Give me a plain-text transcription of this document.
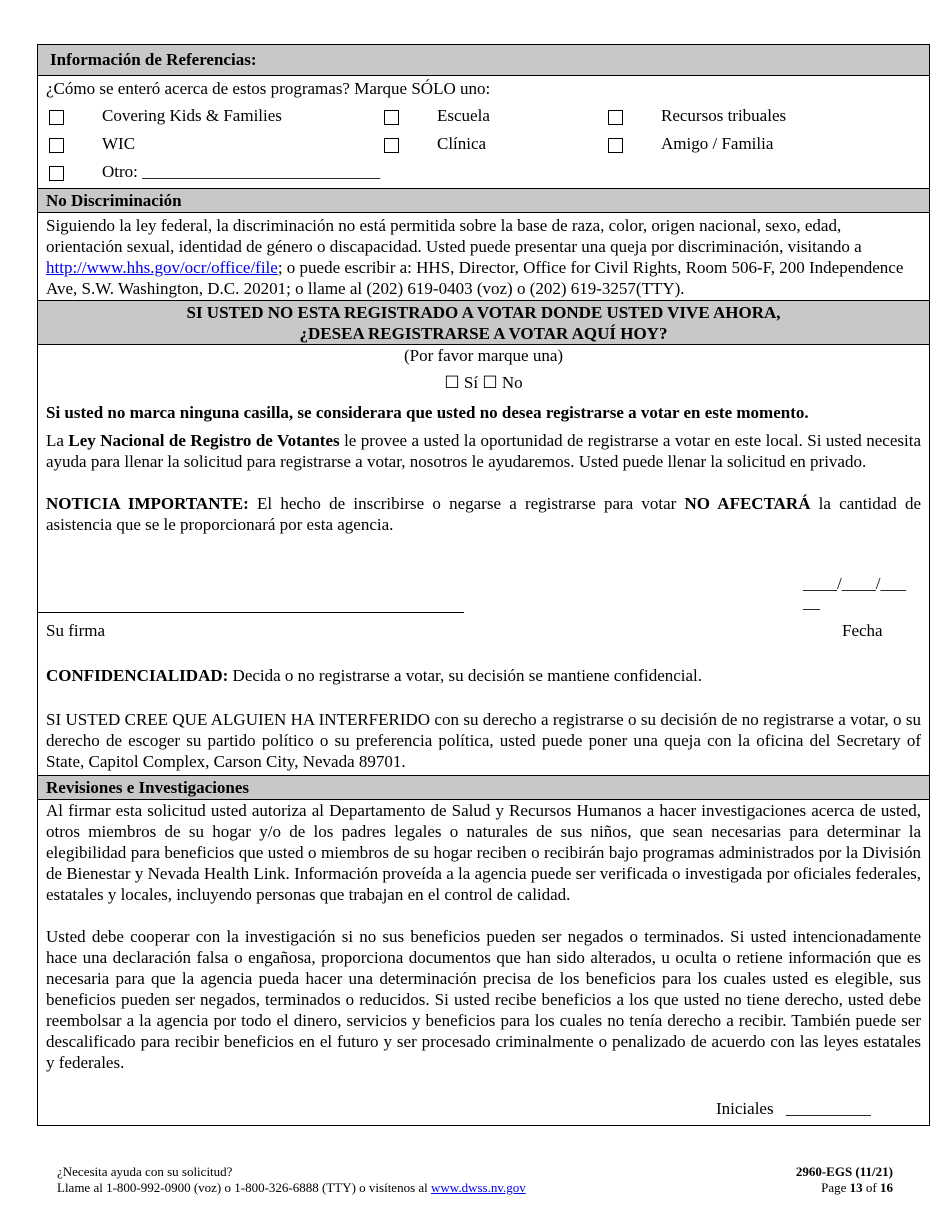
Información de Referencias:
¿Cómo se enteró acerca de estos programas? Marque SÓLO uno:
Covering Kids & Families	Escuela	Recursos tribuales
WIC	Clínica	Amigo / Familia
Otro: ____________________________
No Discriminación
Siguiendo la ley federal, la discriminación no está permitida sobre la base de raza, color, origen nacional, sexo, edad, orientación sexual, identidad de género o discapacidad. Usted puede presentar una queja por discriminación, visitando a http://www.hhs.gov/ocr/office/file; o puede escribir a: HHS, Director, Office for Civil Rights, Room 506-F, 200 Independence Ave, S.W. Washington, D.C. 20201; o llame al (202) 619-0403 (voz) o (202) 619-3257(TTY).
SI USTED NO ESTA REGISTRADO A VOTAR DONDE USTED VIVE AHORA,
¿DESEA REGISTRARSE A VOTAR AQUÍ HOY?
(Por favor marque una)
☐ Sí ☐ No
Si usted no marca ninguna casilla, se considerara que usted no desea registrarse a votar en este momento.
La Ley Nacional de Registro de Votantes le provee a usted la oportunidad de registrarse a votar en este local. Si usted necesita ayuda para llenar la solicitud para registrarse a votar, nosotros le ayudaremos. Usted puede llenar la solicitud en privado.
NOTICIA IMPORTANTE: El hecho de inscribirse o negarse a registrarse para votar NO AFECTARÁ la cantidad de asistencia que se le proporcionará por esta agencia.
____/____/___
__
Su firma	Fecha
CONFIDENCIALIDAD: Decida o no registrarse a votar, su decisión se mantiene confidencial.
SI USTED CREE QUE ALGUIEN HA INTERFERIDO con su derecho a registrarse o su decisión de no registrarse a votar, o su derecho de escoger su partido político o su preferencia política, usted puede poner una queja con la oficina del Secretary of State, Capitol Complex, Carson City, Nevada 89701.
Revisiones e Investigaciones
Al firmar esta solicitud usted autoriza al Departamento de Salud y Recursos Humanos a hacer investigaciones acerca de usted, otros miembros de su hogar y/o de los padres legales o naturales de sus niños, que sean necesarias para determinar la elegibilidad para beneficios que usted o miembros de su hogar reciben o recibirán bajo programas administrados por la División de Bienestar y Nevada Health Link. Información proveída a la agencia puede ser verificada o investigada por oficiales federales, estatales y locales, incluyendo personas que trabajan en el control de calidad.
Usted debe cooperar con la investigación si no sus beneficios pueden ser negados o terminados. Si usted intencionadamente hace una declaración falsa o engañosa, proporciona documentos que han sido alterados, u oculta o retiene información que es necesaria para que la agencia pueda hacer una determinación precisa de los beneficios para los cuales usted es elegible, sus beneficios pueden ser negados, terminados o reducidos. Si usted recibe beneficios a los que usted no tiene derecho, usted debe reembolsar a la agencia por todo el dinero, servicios y beneficios para los cuales no tenía derecho a recibir. También puede ser descalificado para recibir beneficios en el futuro y ser procesado criminalmente o penalizado de acuerdo con las leyes estatales y federales.
Iniciales __________
¿Necesita ayuda con su solicitud?
Llame al 1-800-992-0900 (voz) o 1-800-326-6888 (TTY) o visítenos al www.dwss.nv.gov
2960-EGS (11/21)
Page 13 of 16
